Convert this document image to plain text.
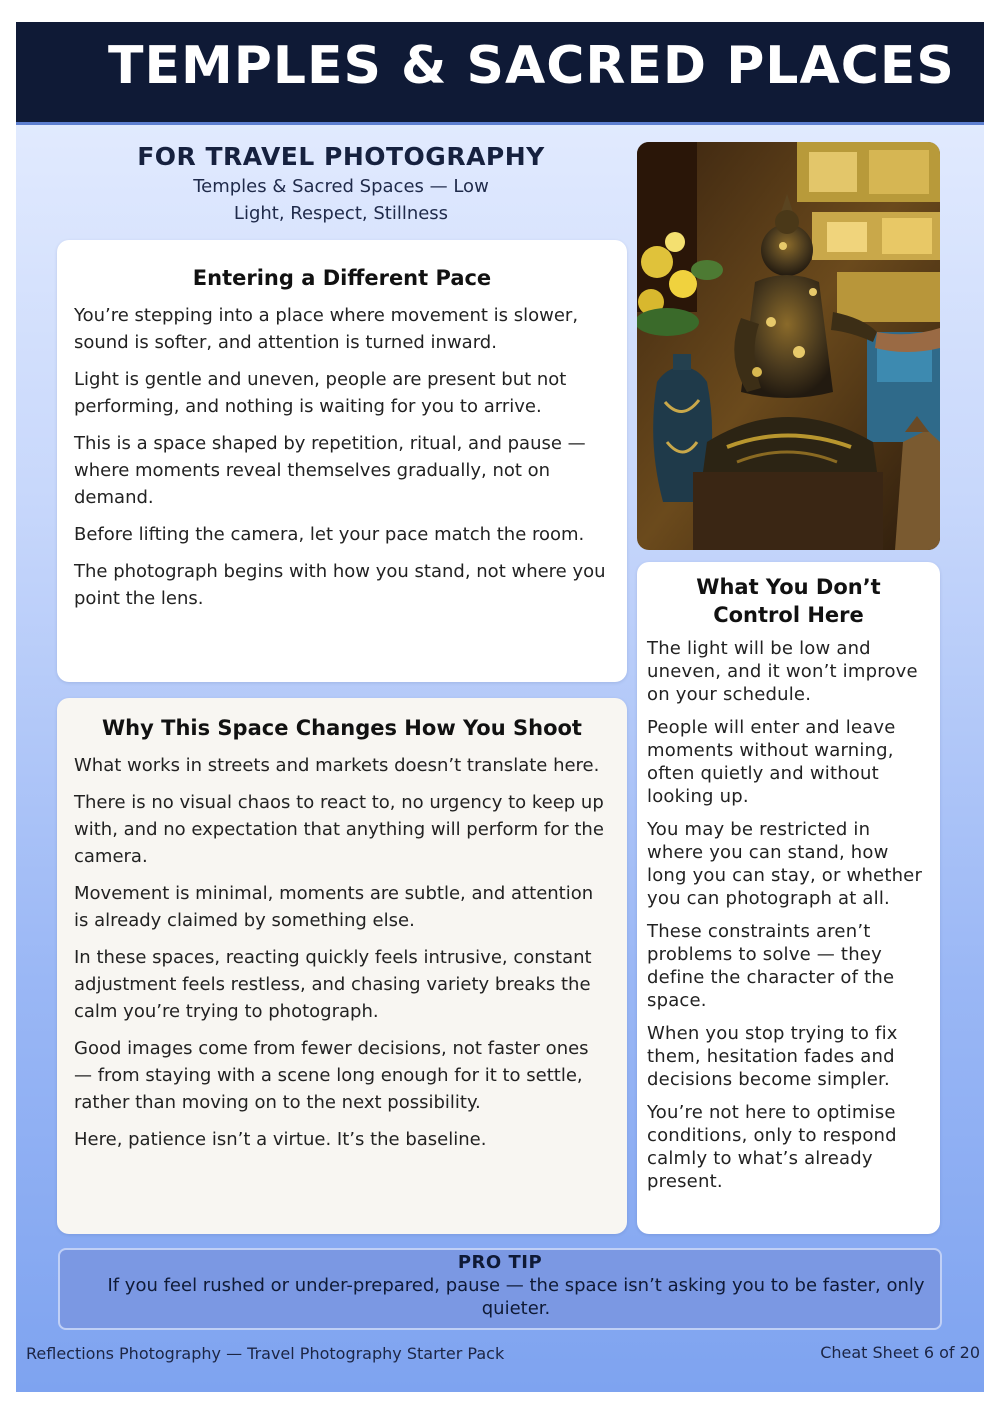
TEMPLES & SACRED PLACES
FOR TRAVEL PHOTOGRAPHY
Temples & Sacred Spaces — Low
Light, Respect, Stillness
Entering a Different Pace

You’re stepping into a place where movement is slower, sound is softer, and attention is turned inward.

Light is gentle and uneven, people are present but not performing, and nothing is waiting for you to arrive.

This is a space shaped by repetition, ritual, and pause — where moments reveal themselves gradually, not on demand.

Before lifting the camera, let your pace match the room.

The photograph begins with how you stand, not where you point the lens.

Why This Space Changes How You Shoot

What works in streets and markets doesn’t translate here.

There is no visual chaos to react to, no urgency to keep up with, and no expectation that anything will perform for the camera.

Movement is minimal, moments are subtle, and attention is already claimed by something else.

In these spaces, reacting quickly feels intrusive, constant adjustment feels restless, and chasing variety breaks the calm you’re trying to photograph.

Good images come from fewer decisions, not faster ones — from staying with a scene long enough for it to settle, rather than moving on to the next possibility.

Here, patience isn’t a virtue. It’s the baseline.

What You Don’t
Control Here

The light will be low and uneven, and it won’t improve on your schedule.

People will enter and leave moments without warning, often quietly and without looking up.

You may be restricted in where you can stand, how long you can stay, or whether you can photograph at all.

These constraints aren’t problems to solve — they define the character of the space.

When you stop trying to fix them, hesitation fades and decisions become simpler.

You’re not here to optimise conditions, only to respond calmly to what’s already present.

PRO TIP
If you feel rushed or under-prepared, pause — the space isn’t asking you to be faster, only quieter.
Reflections Photography — Travel Photography Starter Pack	Cheat Sheet 6 of 20
